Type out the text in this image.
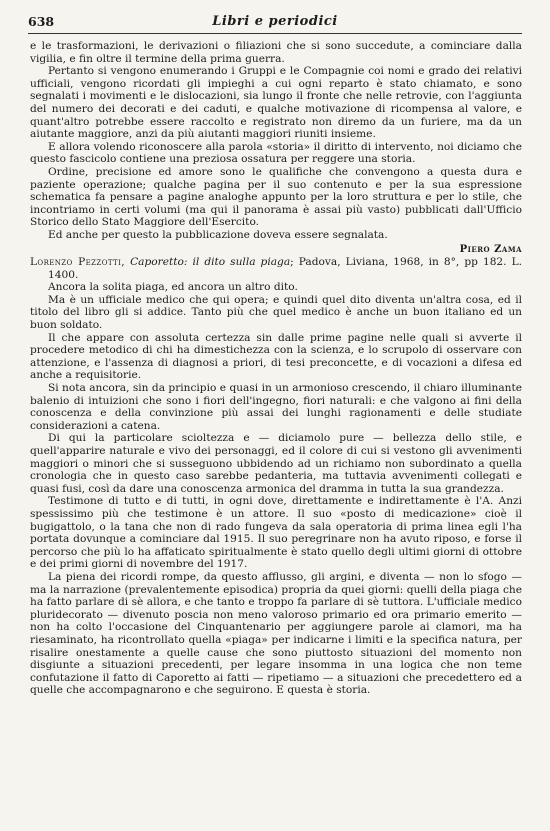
638	Libri e periodici

e le trasformazioni, le derivazioni o filiazioni che si sono succedute, a cominciare dalla vigilia, e fin oltre il termine della prima guerra.

Pertanto si vengono enumerando i Gruppi e le Compagnie coi nomi e grado dei relativi ufficiali, vengono ricordati gli impieghi a cui ogni reparto è stato chiamato, e sono segnalati i movimenti e le dislocazioni, sia lungo il fronte che nelle retrovie, con l'aggiunta del numero dei decorati e dei caduti, e qualche motivazione di ricompensa al valore, e quant'altro potrebbe essere raccolto e registrato non diremo da un furiere, ma da un aiutante maggiore, anzi da più aiutanti maggiori riuniti insieme.

E allora volendo riconoscere alla parola «storia» il diritto di intervento, noi diciamo che questo fascicolo contiene una preziosa ossatura per reggere una storia.

Ordine, precisione ed amore sono le qualifiche che convengono a questa dura e paziente operazione; qualche pagina per il suo contenuto e per la sua espressione schematica fa pensare a pagine analoghe appunto per la loro struttura e per lo stile, che incontriamo in certi volumi (ma qui il panorama è assai più vasto) pubblicati dall'Ufficio Storico dello Stato Maggiore dell'Esercito.

Ed anche per questo la pubblicazione doveva essere segnalata.

Piero Zama

Lorenzo Pezzotti, Caporetto: il dito sulla piaga; Padova, Liviana, 1968, in 8°, pp 182. L. 1400.

Ancora la solita piaga, ed ancora un altro dito.

Ma è un ufficiale medico che qui opera; e quindi quel dito diventa un'altra cosa, ed il titolo del libro gli si addice. Tanto più che quel medico è anche un buon italiano ed un buon soldato.

Il che appare con assoluta certezza sin dalle prime pagine nelle quali si avverte il procedere metodico di chi ha dimestichezza con la scienza, e lo scrupolo di osservare con attenzione, e l'assenza di diagnosi a priori, di tesi preconcette, e di vocazioni a difesa ed anche a requisitorie.

Si nota ancora, sin da principio e quasi in un armonioso crescendo, il chiaro illuminante balenio di intuizioni che sono i fiori dell'ingegno, fiori naturali: e che valgono ai fini della conoscenza e della convinzione più assai dei lunghi ragionamenti e delle studiate considerazioni a catena.

Di qui la particolare scioltezza e — diciamolo pure — bellezza dello stile, e quell'apparire naturale e vivo dei personaggi, ed il colore di cui si vestono gli avvenimenti maggiori o minori che si susseguono ubbidendo ad un richiamo non subordinato a quella cronologia che in questo caso sarebbe pedanteria, ma tuttavia avvenimenti collegati e quasi fusi, così da dare una conoscenza armonica del dramma in tutta la sua grandezza.

Testimone di tutto e di tutti, in ogni dove, direttamente e indirettamente è l'A. Anzi spessissimo più che testimone è un attore. Il suo «posto di medicazione» cioè il bugigattolo, o la tana che non di rado fungeva da sala operatoria di prima linea egli l'ha portata dovunque a cominciare dal 1915. Il suo peregrinare non ha avuto riposo, e forse il percorso che più lo ha affaticato spiritualmente è stato quello degli ultimi giorni di ottobre e dei primi giorni di novembre del 1917.

La piena dei ricordi rompe, da questo afflusso, gli argini, e diventa — non lo sfogo — ma la narrazione (prevalentemente episodica) propria da quei giorni: quelli della piaga che ha fatto parlare di sè allora, e che tanto e troppo fa parlare di sè tuttora. L'ufficiale medico pluridecorato — divenuto poscia non meno valoroso primario ed ora primario emerito — non ha colto l'occasione del Cinquantenario per aggiungere parole ai clamori, ma ha riesaminato, ha ricontrollato quella «piaga» per indicarne i limiti e la specifica natura, per risalire onestamente a quelle cause che sono piuttosto situazioni del momento non disgiunte a situazioni precedenti, per legare insomma in una logica che non teme confutazione il fatto di Caporetto ai fatti — ripetiamo — a situazioni che precedettero ed a quelle che accompagnarono e che seguirono. E questa è storia.
